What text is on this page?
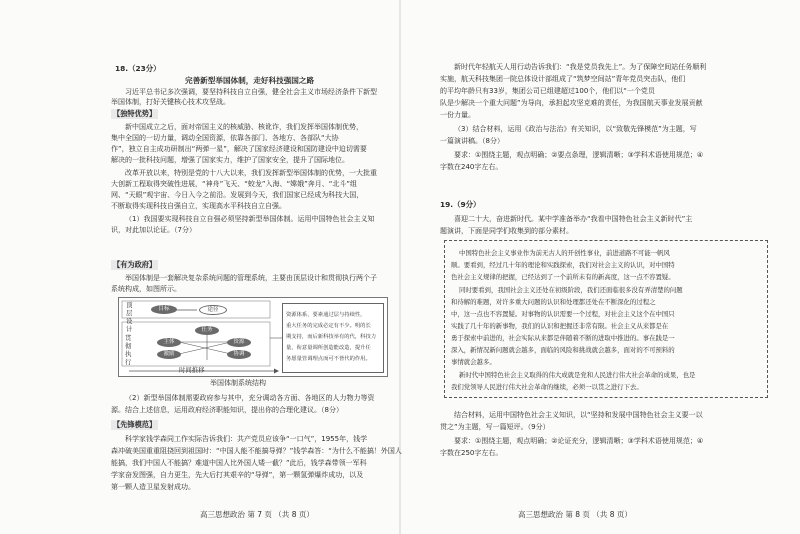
18.（23分）
完善新型举国体制，走好科技强国之路
习近平总书记多次强调，要坚持科技自立自强，健全社会主义市场经济条件下新型
举国体制，打好关键核心技术攻坚战。
【独特优势】
新中国成立之后，面对帝国主义的核威胁、核讹诈，我们发挥举国体制优势，
集中全国的一切力量，调动全国资源，依靠各部门、各地方、各部队“大协
作”，独立自主成功研制出“两弹一星”，解决了国家经济建设和国防建设中迫切需要
解决的一批科技问题，增强了国家实力，维护了国家安全，提升了国际地位。
改革开放以来，特别是党的十八大以来，我们发挥新型举国体制的优势，一大批重
大创新工程取得突破性进展，“神舟”飞天、“蛟龙”入海、“嫦娥”奔月、“北斗”组
网、“天眼”观宇宙、今日入今之前沿。发展到今天，我们国家已经成为科技大国，
不断取得实现科技自强自立，实现高水平科技自立自强。
（1）我国要实现科技自立自强必须坚持新型举国体制。运用中国特色社会主义知
识，对此加以论证。（7分）
【有为政府】
举国体制是一套解决复杂系统问题的管理系统，主要由顶层设计和贯彻执行两个子
系统构成，如图所示。
顶层设计
目标	途径
贯彻执行
任务
主体	资源
协调
激励
时间推移
资源体系，要素通过层与持续性，
重大任务的完成必定有不少。明的长
期支持，而后新科技举有的代，科技力
量，衔意量调所创造能改造，提升任
务愿量管调理点而可不皆代的作用。
举国体制系统结构
（2）新型举国体制需要政府参与其中，充分调动各方面、各地区的人力物力等资
源。结合上述信息，运用政府经济职能知识，提出你的合理化建议。（8分）
【先锋模范】
科学家钱学森同工作实际告诉我们：共产党员应该争“一口气”，1955年，钱学
森冲破美国重重阻挠回到祖国时：“中国人能不能搞导弹？”钱学森答：“为什么不能搞！外国人
能搞，我们中国人不能搞？难道中国人比外国人矮一截？”此后，钱学森带领一军科
学家奋发图强，自力更生，先大后打其艰辛的“导弹”，第一颗氢弹爆炸成功，以及
第一颗人造卫星发射成功。
高三思想政治 第 7 页 （共 8 页）
新时代年轻航天人用行动告诉我们：“我是党员我先上”。为了保障空间站任务顺利
实施，航天科技集团一院总体设计部组成了“筑梦空间站”青年党员突击队，他们
的平均年龄只有33岁，集团公司已组建超过100个，他们以“一个党员
队是少解决一个重大问题”为导向，承担起攻坚克难的责任，为我国航天事业发展贡献
一份力量。
（3）结合材料，运用《政治与法治》有关知识，以“致敬先锋模范”为主题，写
一篇演讲稿。（8分）
要求：①围绕主题，观点明确；②要点条理，逻辑清晰；③学科术语使用规范；④
字数在240字左右。
19.（9分）
喜迎二十大，奋进新时代。某中学准备举办“我看中国特色社会主义新时代”主
题演讲，下面是同学们收集到的部分素材。
中国特色社会主义事业作为前无古人的开创性事业，前进道路不可能一帆风
顺。要看到，经过几十年的理论和实践探索，我们对社会主义的认识，对中国特
色社会主义规律的把握，已经达到了一个前所未有的新高度，这一点不容置疑。
同时要看到，我国社会主义还处在初级阶段，我们还面临很多没有弄清楚的问题
和待解的难题，对许多重大问题的认识和处理都还处在不断深化的过程之
中，这一点也不容置疑。对事物的认识需要一个过程，对社会主义这个在中国只
实践了几十年的新事物，我们的认识和把握还非常有限。社会主义从来都是在
勇于探索中前进的，社会实际从来都是伴随着不断的进取中推进的。事在践是一
深入，新情况新问题就会越多，面临的风险和挑战就会越多，面对的不可预料的
事情就会越多。
新时代中国特色社会主义取得的伟大成就是党和人民进行伟大社会革命的成果，也是
我们党领导人民进行伟大社会革命的继续，必须一以贯之进行下去。
结合材料，运用中国特色社会主义知识，以“坚持和发展中国特色社会主义要一以
贯之”为主题，写一篇短评。（9分）
要求：①围绕主题，观点明确；②论证充分，逻辑清晰；③学科术语使用规范；④
字数在250字左右。
高三思想政治 第 8 页 （共 8 页）
